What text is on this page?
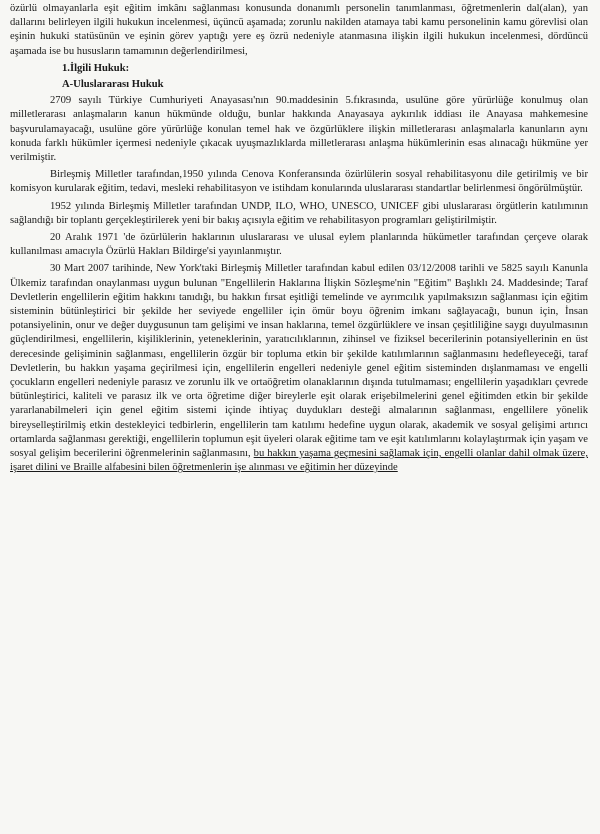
özürlü olmayanlarla eşit eğitim imkânı sağlanması konusunda donanımlı personelin tanımlanması, öğretmenlerin dal(alan), yan dallarını belirleyen ilgili hukukun incelenmesi, üçüncü aşamada; zorunlu nakilden atamaya tabi kamu personelinin kamu görevlisi olan eşinin hukuki statüsünün ve eşinin görev yaptığı yere eş özrü nedeniyle atanmasına ilişkin ilgili hukukun incelenmesi, dördüncü aşamada ise bu hususların tamamının değerlendirilmesi,

1.İlgili Hukuk:

A-Uluslararası Hukuk

2709 sayılı Türkiye Cumhuriyeti Anayasası'nın 90.maddesinin 5.fıkrasında, usulüne göre yürürlüğe konulmuş olan milletlerarası anlaşmaların kanun hükmünde olduğu, bunlar hakkında Anayasaya aykırılık iddiası ile Anayasa mahkemesine başvurulamayacağı, usulüne göre yürürlüğe konulan temel hak ve özgürlüklere ilişkin milletlerarası anlaşmalarla kanunların aynı konuda farklı hükümler içermesi nedeniyle çıkacak uyuşmazlıklarda milletlerarası anlaşma hükümlerinin esas alınacağı hükmüne yer verilmiştir.

Birleşmiş Milletler tarafından,1950 yılında Cenova Konferansında özürlülerin sosyal rehabilitasyonu dile getirilmiş ve bir komisyon kurularak eğitim, tedavi, mesleki rehabilitasyon ve istihdam konularında uluslararası standartlar belirlenmesi öngörülmüştür.

1952 yılında Birleşmiş Milletler tarafından UNDP, ILO, WHO, UNESCO, UNICEF gibi uluslararası örgütlerin katılımının sağlandığı bir toplantı gerçekleştirilerek yeni bir bakış açısıyla eğitim ve rehabilitasyon programları geliştirilmiştir.

20 Aralık 1971 'de özürlülerin haklarının uluslararası ve ulusal eylem planlarında hükümetler tarafından çerçeve olarak kullanılması amacıyla Özürlü Hakları Bildirge'si yayınlanmıştır.

30 Mart 2007 tarihinde, New York'taki Birleşmiş Milletler tarafından kabul edilen 03/12/2008 tarihli ve 5825 sayılı Kanunla Ülkemiz tarafından onaylanması uygun bulunan "Engellilerin Haklarına İlişkin Sözleşme'nin "Eğitim" Başlıklı 24. Maddesinde; Taraf Devletlerin engellilerin eğitim hakkını tanıdığı, bu hakkın fırsat eşitliği temelinde ve ayrımcılık yapılmaksızın sağlanması için eğitim sisteminin bütünleştirici bir şekilde her seviyede engelliler için ömür boyu öğrenim imkanı sağlayacağı, bunun için, İnsan potansiyelinin, onur ve değer duygusunun tam gelişimi ve insan haklarına, temel özgürlüklere ve insan çeşitliliğine saygı duyulmasının güçlendirilmesi, engellilerin, kişiliklerinin, yeteneklerinin, yaratıcılıklarının, zihinsel ve fiziksel becerilerinin potansiyellerinin en üst derecesinde gelişiminin sağlanması, engellilerin özgür bir topluma etkin bir şekilde katılımlarının sağlanmasını hedefleyeceği, taraf Devletlerin, bu hakkın yaşama geçirilmesi için, engellilerin engelleri nedeniyle genel eğitim sisteminden dışlanmaması ve engelli çocukların engelleri nedeniyle parasız ve zorunlu ilk ve ortaöğretim olanaklarının dışında tutulmaması; engellilerin yaşadıkları çevrede bütünleştirici, kaliteli ve parasız ilk ve orta öğretime diğer bireylerle eşit olarak erişebilmelerini genel eğitimden etkin bir şekilde yararlanabilmeleri için genel eğitim sistemi içinde ihtiyaç duydukları desteği almalarının sağlanması, engellilere yönelik bireyselleştirilmiş etkin destekleyici tedbirlerin, engellilerin tam katılımı hedefine uygun olarak, akademik ve sosyal gelişimi artırıcı ortamlarda sağlanması gerektiği, engellilerin toplumun eşit üyeleri olarak eğitime tam ve eşit katılımlarını kolaylaştırmak için yaşam ve sosyal gelişim becerilerini öğrenmelerinin sağlanmasını, bu hakkın yaşama geçmesini sağlamak için, engelli olanlar dahil olmak üzere, işaret dilini ve Braille alfabesini bilen öğretmenlerin işe alınması ve eğitimin her düzeyinde
